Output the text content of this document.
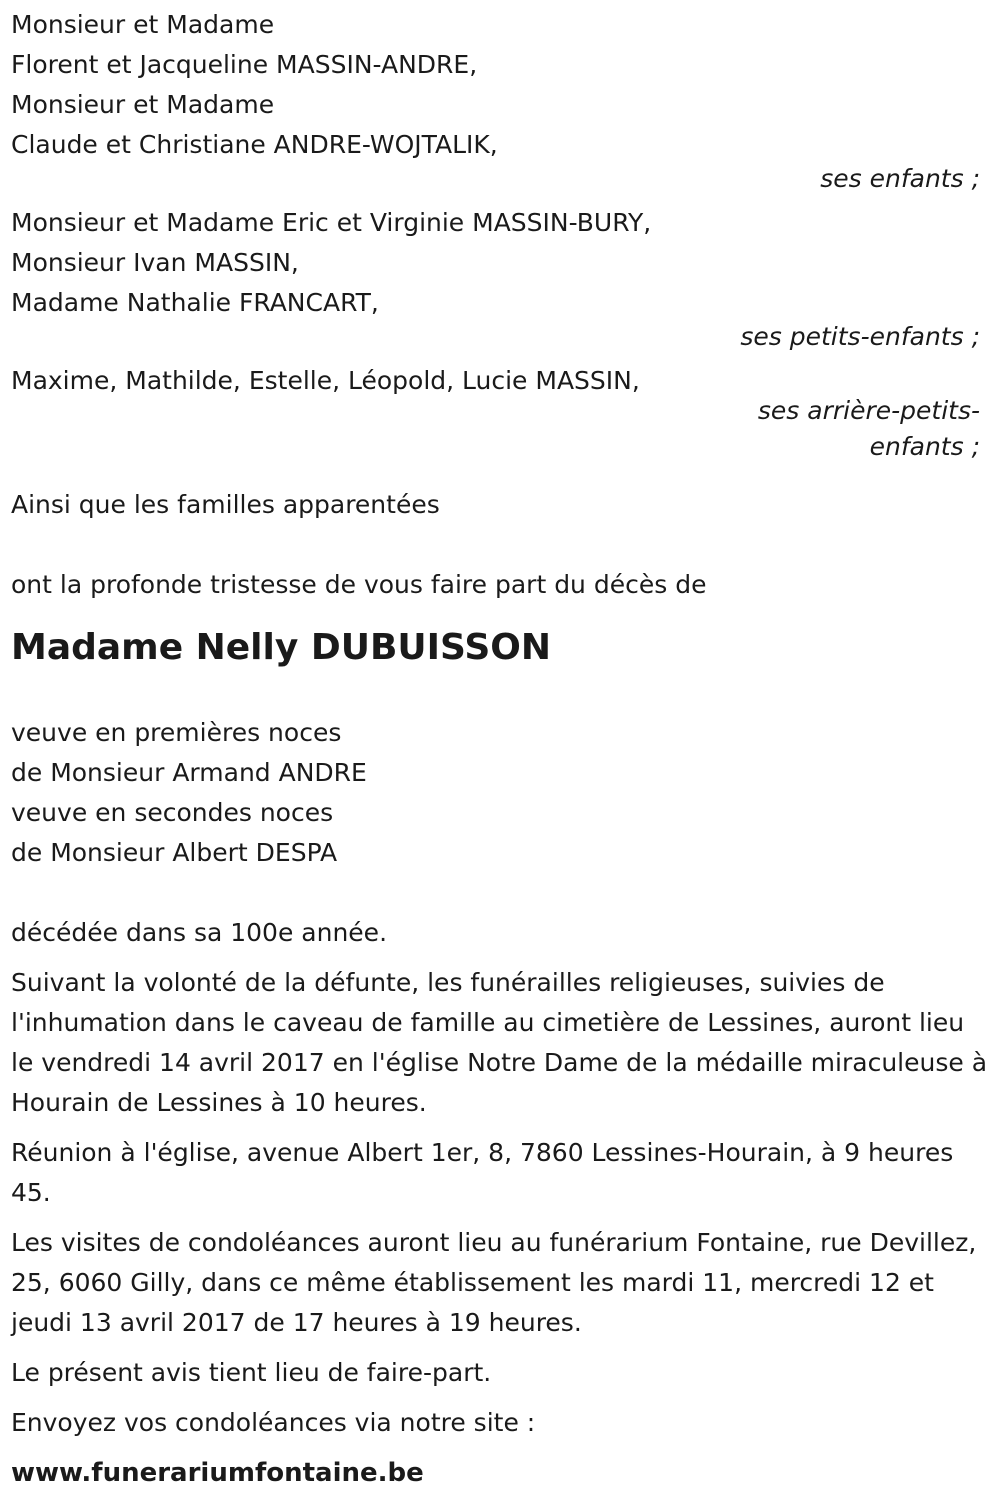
Monsieur et Madame
Florent et Jacqueline MASSIN-ANDRE,
Monsieur et Madame
Claude et Christiane ANDRE-WOJTALIK,
ses enfants ;
Monsieur et Madame Eric et Virginie MASSIN-BURY,
Monsieur Ivan MASSIN,
Madame Nathalie FRANCART,
ses petits-enfants ;
Maxime, Mathilde, Estelle, Léopold, Lucie MASSIN,
ses arrière-petits-enfants ;
Ainsi que les familles apparentées
ont la profonde tristesse de vous faire part du décès de
Madame Nelly DUBUISSON
veuve en premières noces
de Monsieur Armand ANDRE
veuve en secondes noces
de Monsieur Albert DESPA
décédée dans sa 100e année.
Suivant la volonté de la défunte, les funérailles religieuses, suivies de l'inhumation dans le caveau de famille au cimetière de Lessines, auront lieu le vendredi 14 avril 2017 en l'église Notre Dame de la médaille miraculeuse à Hourain de Lessines à 10 heures.
Réunion à l'église, avenue Albert 1er, 8, 7860 Lessines-Hourain, à 9 heures 45.
Les visites de condoléances auront lieu au funérarium Fontaine, rue Devillez, 25, 6060 Gilly, dans ce même établissement les mardi 11, mercredi 12 et jeudi 13 avril 2017 de 17 heures à 19 heures.
Le présent avis tient lieu de faire-part.
Envoyez vos condoléances via notre site :
www.funerariumfontaine.be
